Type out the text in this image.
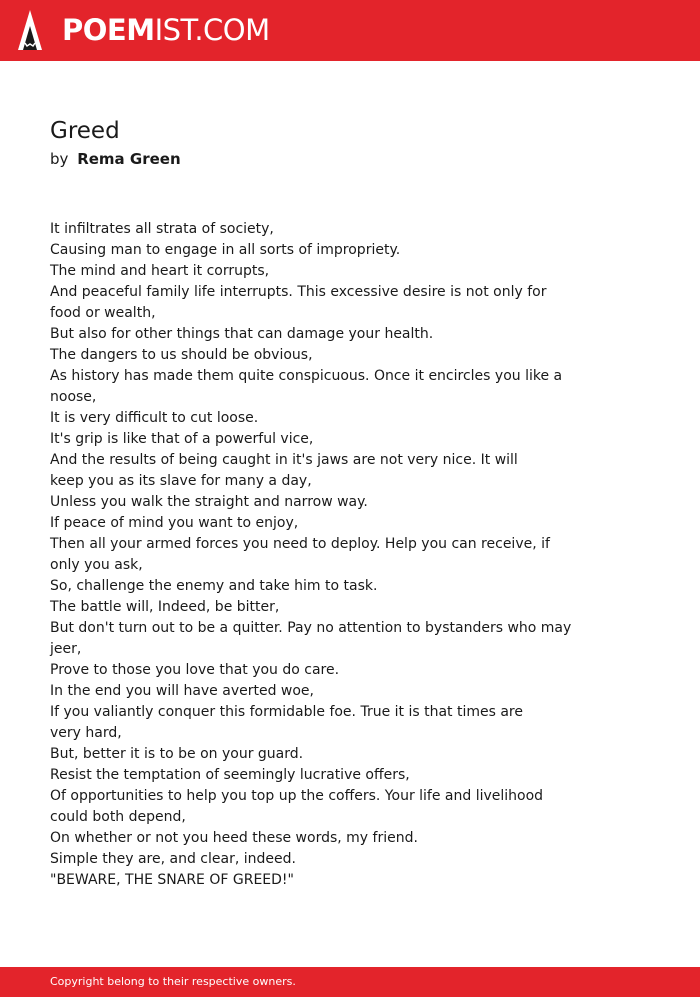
POEMIST.COM
Greed
by Rema Green
It infiltrates all strata of society,
Causing man to engage in all sorts of impropriety.
The mind and heart it corrupts,
And peaceful family life interrupts. This excessive desire is not only for
food or wealth,
But also for other things that can damage your health.
The dangers to us should be obvious,
As history has made them quite conspicuous. Once it encircles you like a
noose,
It is very difficult to cut loose.
It's grip is like that of a powerful vice,
And the results of being caught in it's jaws are not very nice. It will
keep you as its slave for many a day,
Unless you walk the straight and narrow way.
If peace of mind you want to enjoy,
Then all your armed forces you need to deploy. Help you can receive, if
only you ask,
So, challenge the enemy and take him to task.
The battle will, Indeed, be bitter,
But don't turn out to be a quitter. Pay no attention to bystanders who may
jeer,
Prove to those you love that you do care.
In the end you will have averted woe,
If you valiantly conquer this formidable foe. True it is that times are
very hard,
But, better it is to be on your guard.
Resist the temptation of seemingly lucrative offers,
Of opportunities to help you top up the coffers. Your life and livelihood
could both depend,
On whether or not you heed these words, my friend.
Simple they are, and clear, indeed.
"BEWARE, THE SNARE OF GREED!"
Copyright belong to their respective owners.
